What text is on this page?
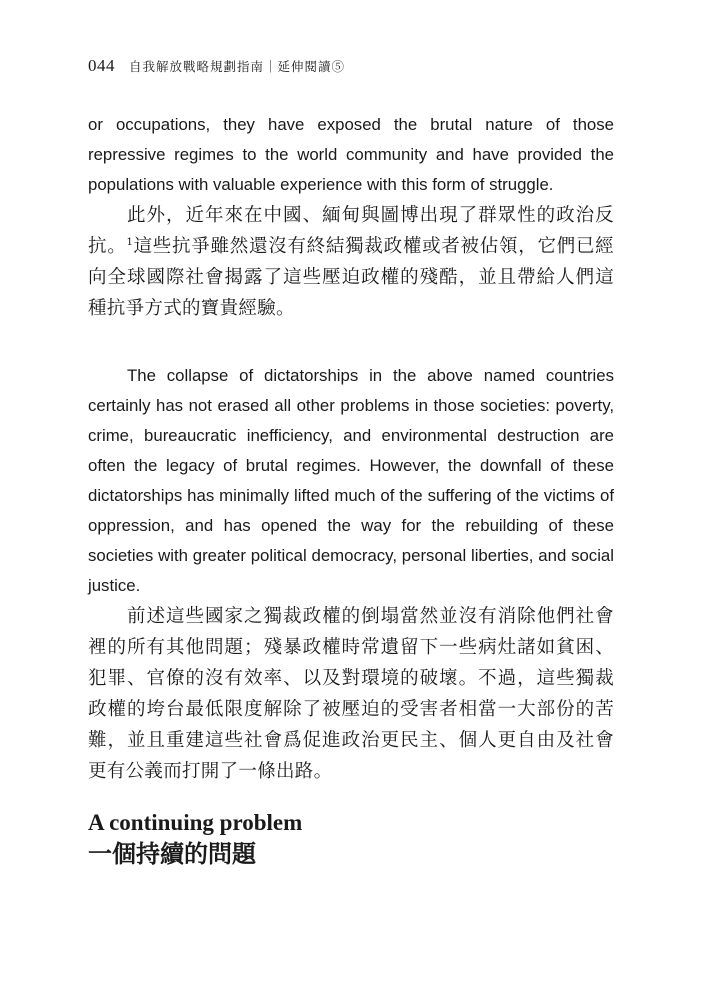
044 自我解放戰略規劃指南｜延伸閱讀⑤

or occupations, they have exposed the brutal nature of those repressive regimes to the world community and have provided the populations with valuable experience with this form of struggle.

此外，近年來在中國、緬甸與圖博出現了群眾性的政治反抗。$^1$這些抗爭雖然還沒有終結獨裁政權或者被佔領，它們已經向全球國際社會揭露了這些壓迫政權的殘酷，並且帶給人們這種抗爭方式的寶貴經驗。

The collapse of dictatorships in the above named countries certainly has not erased all other problems in those societies: poverty, crime, bureaucratic inefficiency, and environmental destruction are often the legacy of brutal regimes. However, the downfall of these dictatorships has minimally lifted much of the suffering of the victims of oppression, and has opened the way for the rebuilding of these societies with greater political democracy, personal liberties, and social justice.

前述這些國家之獨裁政權的倒塌當然並沒有消除他們社會裡的所有其他問題；殘暴政權時常遺留下一些病灶諸如貧困、犯罪、官僚的沒有效率、以及對環境的破壞。不過，這些獨裁政權的垮台最低限度解除了被壓迫的受害者相當一大部份的苦難，並且重建這些社會爲促進政治更民主、個人更自由及社會更有公義而打開了一條出路。

A continuing problem
一個持續的問題
